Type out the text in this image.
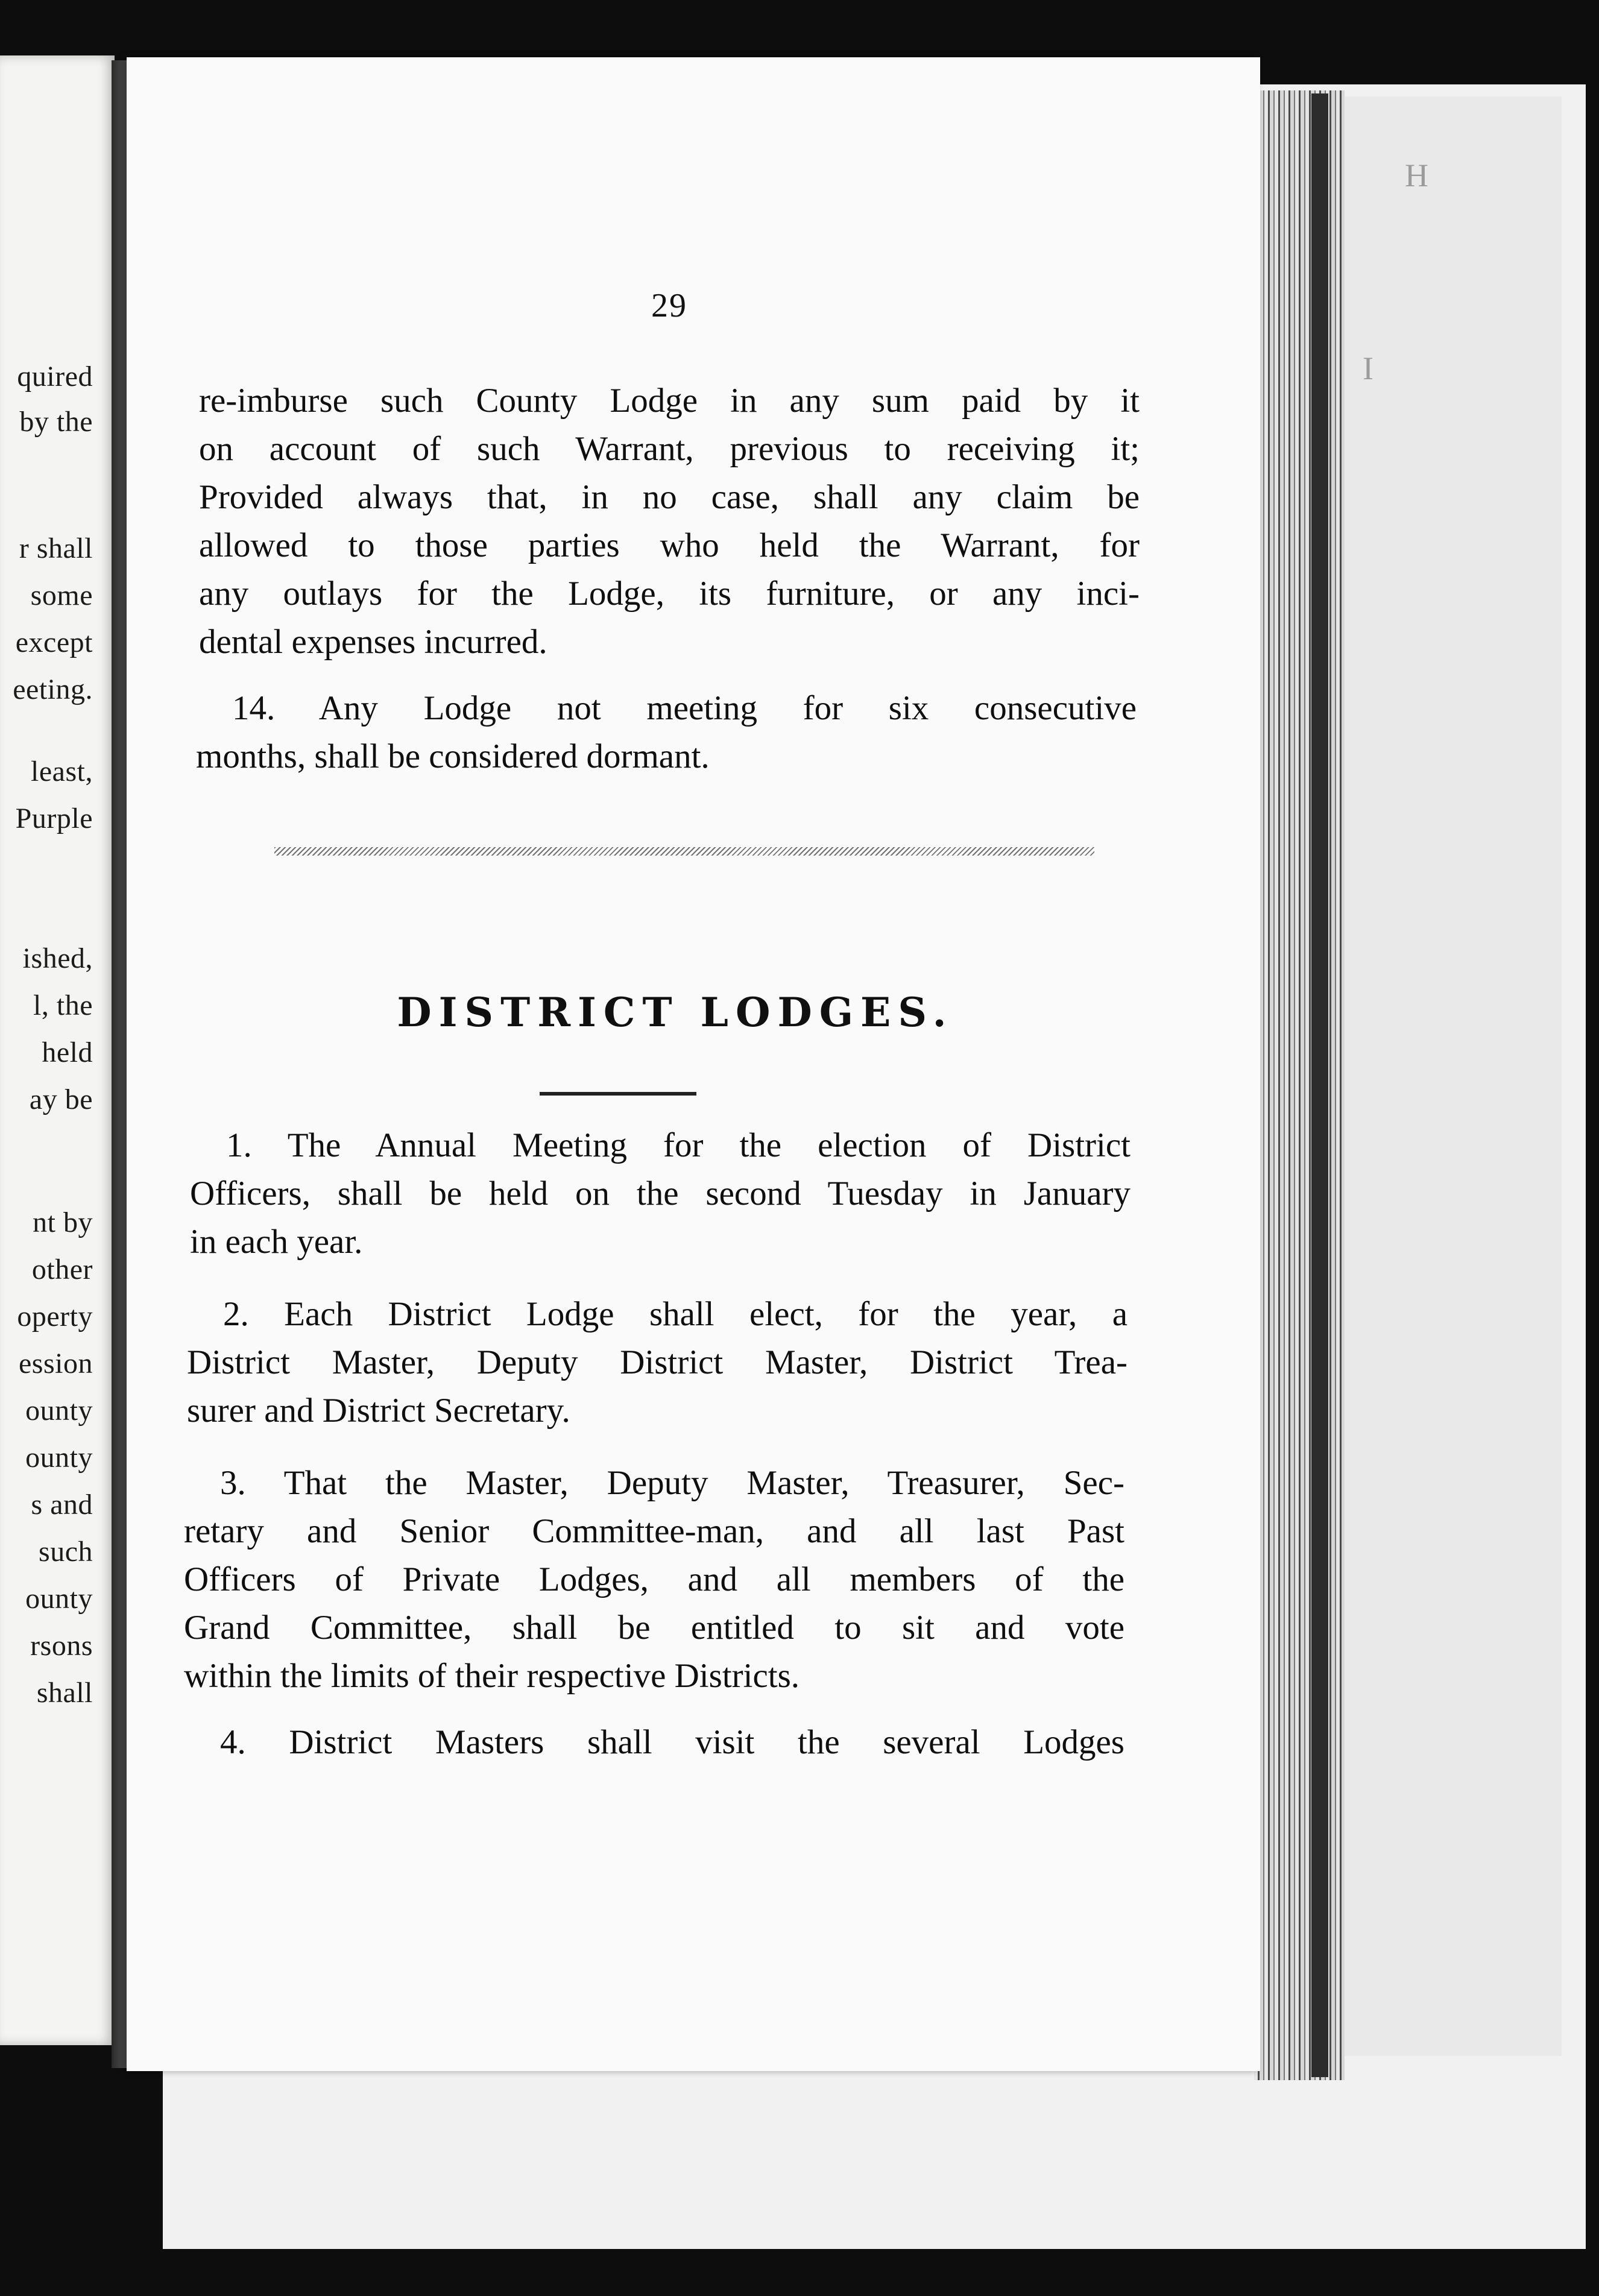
H
I
quired
by the
r shall
some
except
eeting.
least,
Purple
ished,
l, the
held
ay be
nt by
other
operty
ession
ounty
ounty
s and
such
ounty
rsons
shall
29

re-imburse such County Lodge in any sum paid by it

on account of such Warrant, previous to receiving it;

Provided always that, in no case, shall any claim be

allowed to those parties who held the Warrant, for

any outlays for the Lodge, its furniture, or any inci-

dental expenses incurred.

14. Any Lodge not meeting for six consecutive

months, shall be considered dormant.

DISTRICT LODGES.

1. The Annual Meeting for the election of District

Officers, shall be held on the second Tuesday in January

in each year.

2. Each District Lodge shall elect, for the year, a

District Master, Deputy District Master, District Trea-

surer and District Secretary.

3. That the Master, Deputy Master, Treasurer, Sec-

retary and Senior Committee-man, and all last Past

Officers of Private Lodges, and all members of the

Grand Committee, shall be entitled to sit and vote

within the limits of their respective Districts.

4. District Masters shall visit the several Lodges
